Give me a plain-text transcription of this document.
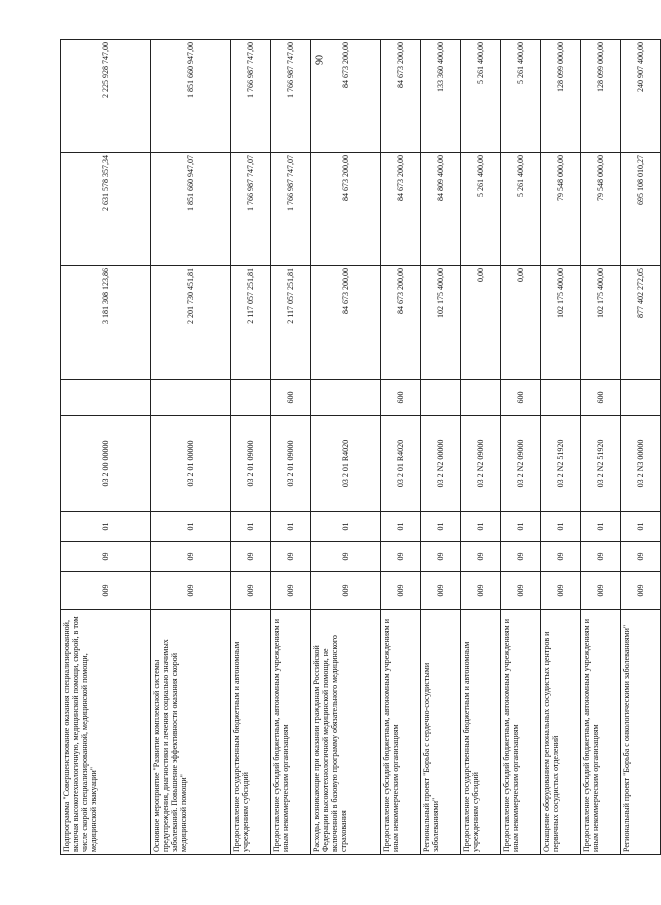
90
Подпрограмма "Совершенствование оказания специализированной, включая высокотехнологичную, медицинской помощи, скорой, в том числе скорой специализированной, медицинской помощи, медицинской эвакуации"	009	09	01	03 2 00 00000		3 181 308 123,86	2 631 578 357,34	2 225 928 747,00
Основное мероприятие "Развитие комплексной системы предупреждения, диагностики и лечения социально значимых заболеваний. Повышение эффективности оказания скорой медицинской помощи"	009	09	01	03 2 01 00000		2 201 730 451,81	1 851 660 947,07	1 851 660 947,00
Предоставление государственным бюджетным и автономным учреждениям субсидий	009	09	01	03 2 01 09000		2 117 057 251,81	1 766 987 747,07	1 766 987 747,00
Предоставление субсидий бюджетным, автономным учреждениям и иным некоммерческим организациям	009	09	01	03 2 01 09000	600	2 117 057 251,81	1 766 987 747,07	1 766 987 747,00
Расходы, возникающие при оказании гражданам Российской Федерации высокотехнологичной медицинской помощи, не включенной в базовую программу обязательного медицинского страхования	009	09	01	03 2 01 R4020		84 673 200,00	84 673 200,00	84 673 200,00
Предоставление субсидий бюджетным, автономным учреждениям и иным некоммерческим организациям	009	09	01	03 2 01 R4020	600	84 673 200,00	84 673 200,00	84 673 200,00
Региональный проект "Борьба с сердечно-сосудистыми заболеваниями"	009	09	01	03 2 N2 00000		102 175 400,00	84 809 400,00	133 360 400,00
Предоставление государственным бюджетным и автономным учреждениям субсидий	009	09	01	03 2 N2 09000		0,00	5 261 400,00	5 261 400,00
Предоставление субсидий бюджетным, автономным учреждениям и иным некоммерческим организациям	009	09	01	03 2 N2 09000	600	0,00	5 261 400,00	5 261 400,00
Оснащение оборудованием региональных сосудистых центров и первичных сосудистых отделений	009	09	01	03 2 N2 51920		102 175 400,00	79 548 000,00	128 099 000,00
Предоставление субсидий бюджетным, автономным учреждениям и иным некоммерческим организациям	009	09	01	03 2 N2 51920	600	102 175 400,00	79 548 000,00	128 099 000,00
Региональный проект "Борьба с онкологическими заболеваниями"	009	09	01	03 2 N3 00000		877 402 272,05	695 108 010,27	240 907 400,00
